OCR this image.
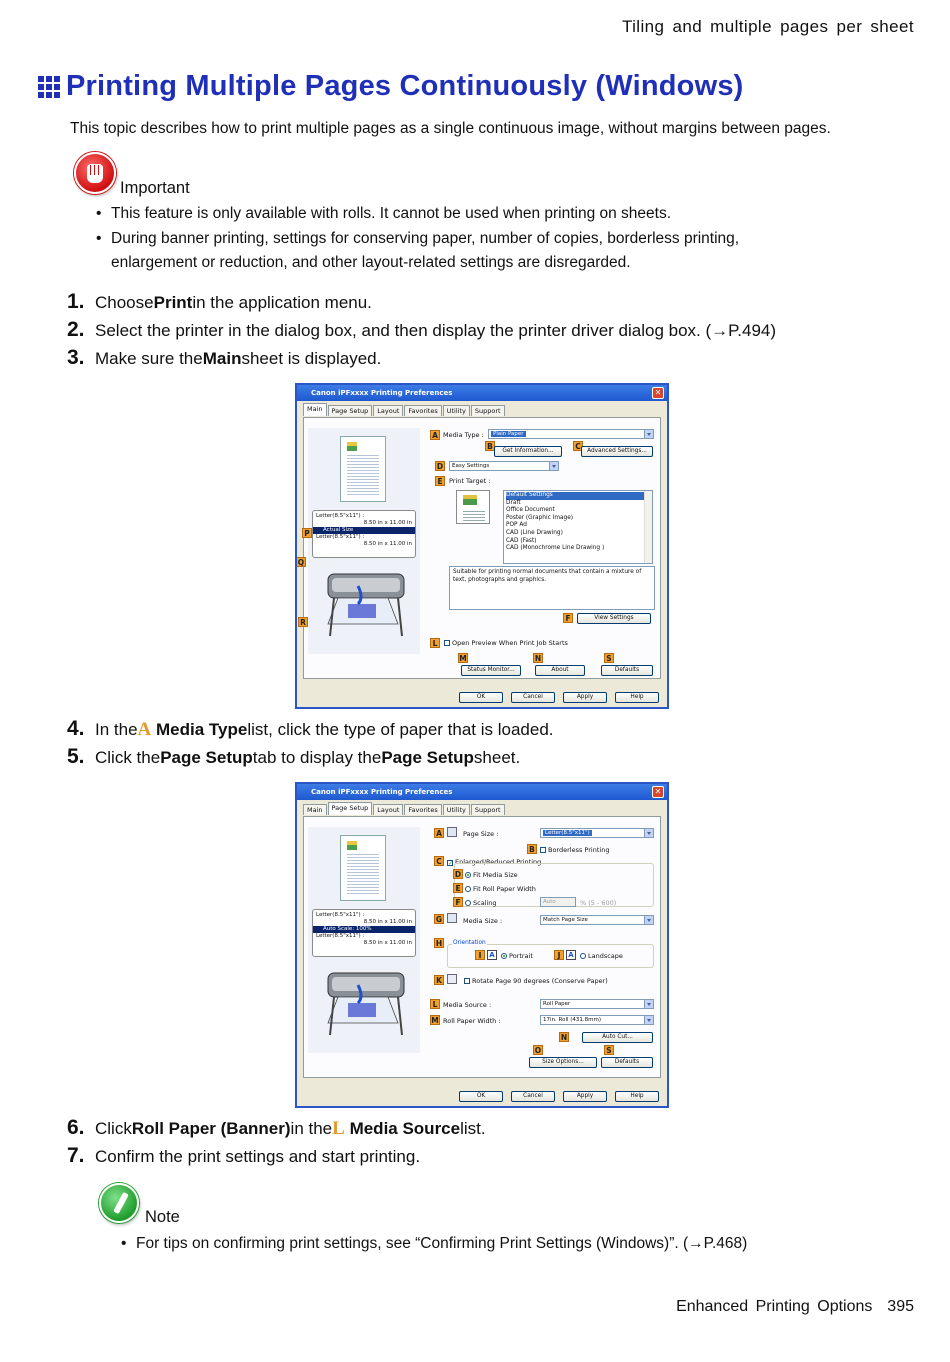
Tiling and multiple pages per sheet
Printing Multiple Pages Continuously (Windows)
This topic describes how to print multiple pages as a single continuous image, without margins between pages.
Important
• This feature is only available with rolls. It cannot be used when printing on sheets.
• During banner printing, settings for conserving paper, number of copies, borderless printing,
enlargement or reduction, and other layout-related settings are disregarded.
1. Choose Print in the application menu.
2. Select the printer in the dialog box, and then display the printer driver dialog box. (→P.494)
3. Make sure the Main sheet is displayed.
Canon iPFxxxx Printing Preferences	✕
Main	Page Setup	Layout	Favorites	Utility	Support
Letter(8.5"x11") :
8.50 in x 11.00 in
Actual Size
Letter(8.5"x11") :
8.50 in x 11.00 in
P
Q
R
A Media Type :	Plain Paper
B	Get Information...	C	Advanced Settings...
D	Easy Settings
E Print Target :
Default Settings
Draft
Office Document
Poster (Graphic Image)
POP Ad
CAD (Line Drawing)
CAD (Fast)
CAD (Monochrome Line Drawing )
Suitable for printing normal documents that contain a mixture of text, photographs and graphics.
F	View Settings
L	Open Preview When Print Job Starts
M
Status Monitor...
N
About
S
Defaults
OK	Cancel	Apply	Help
4. In the A
Media Type list, click the type of paper that is loaded.
5. Click the Page Setup tab to display the Page Setup sheet.
Canon iPFxxxx Printing Preferences	✕
Main	Page Setup	Layout	Favorites	Utility	Support
Letter(8.5"x11") :
8.50 in x 11.00 in
Auto Scale: 100%
Letter(8.5"x11") :
8.50 in x 11.00 in
A	Page Size :	Letter(8.5"x11")
B	Borderless Printing
C
✓	Enlarged/Reduced Printing
D	Fit Media Size
E	Fit Roll Paper Width
F	Scaling	Auto	% (5 - 600)
G	Media Size :	Match Page Size
H	Orientation
I	A	Portrait	J	A	Landscape
K	Rotate Page 90 degrees (Conserve Paper)
L Media Source :	Roll Paper
M Roll Paper Width :	17in. Roll (431.8mm)
N	Auto Cut...
O
Size Options...
S
Defaults
OK	Cancel	Apply	Help
6. Click Roll Paper (Banner) in the L
Media Source list.
7. Confirm the print settings and start printing.
Note
• For tips on confirming print settings, see “Confirming Print Settings (Windows)”. (→P.468)
Enhanced Printing Options 395
